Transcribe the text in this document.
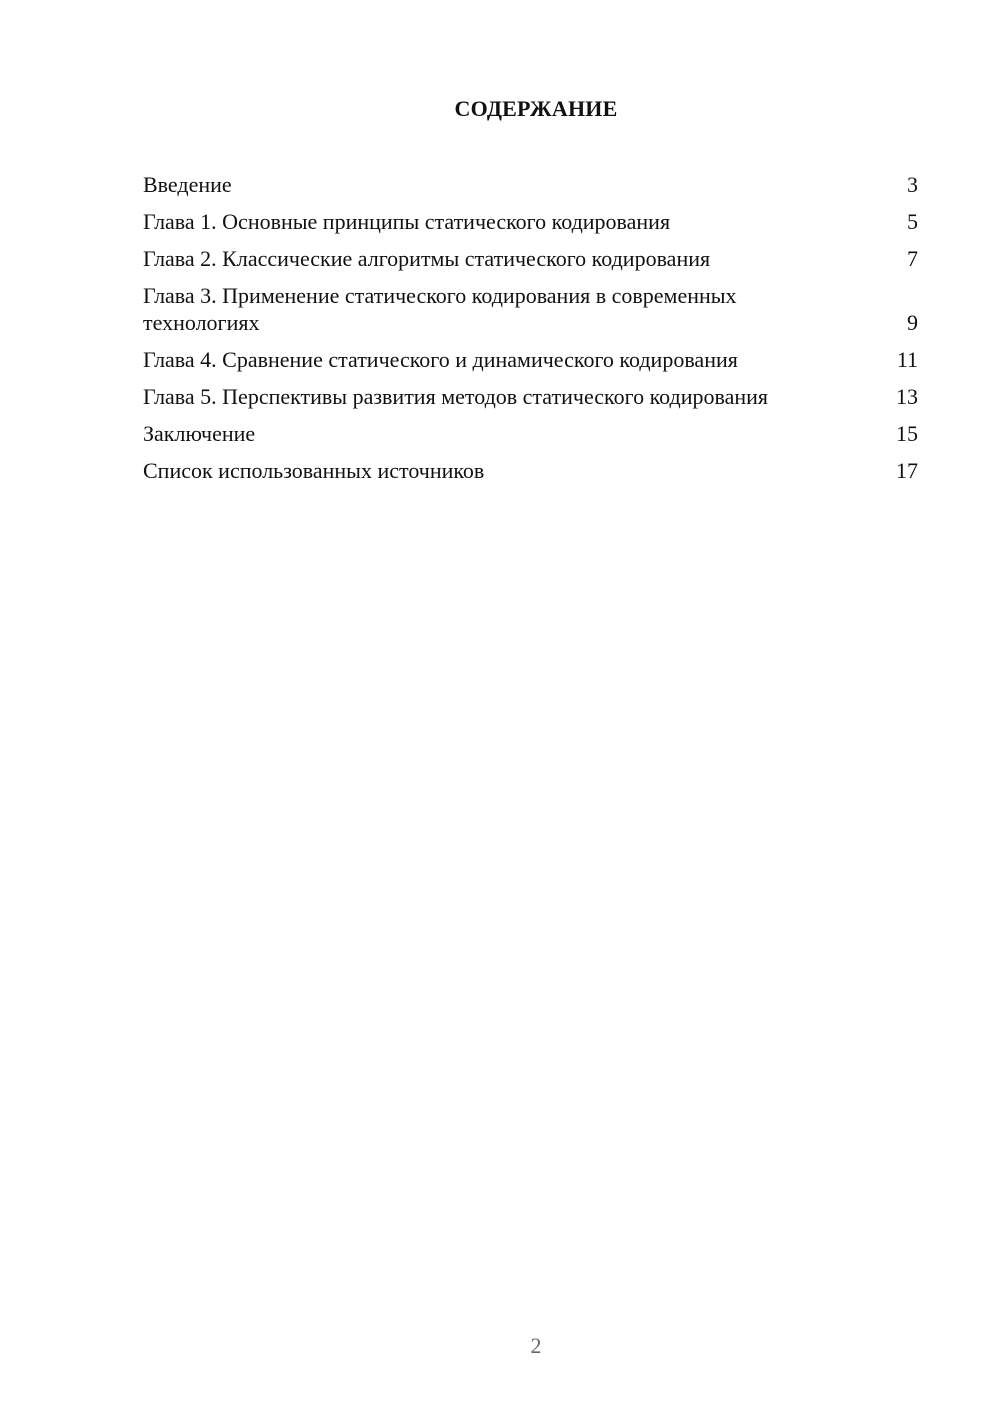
СОДЕРЖАНИЕ
Введение	3
Глава 1. Основные принципы статического кодирования	5
Глава 2. Классические алгоритмы статического кодирования	7
Глава 3. Применение статического кодирования в современных технологиях	9
Глава 4. Сравнение статического и динамического кодирования	11
Глава 5. Перспективы развития методов статического кодирования	13
Заключение	15
Список использованных источников	17
2
